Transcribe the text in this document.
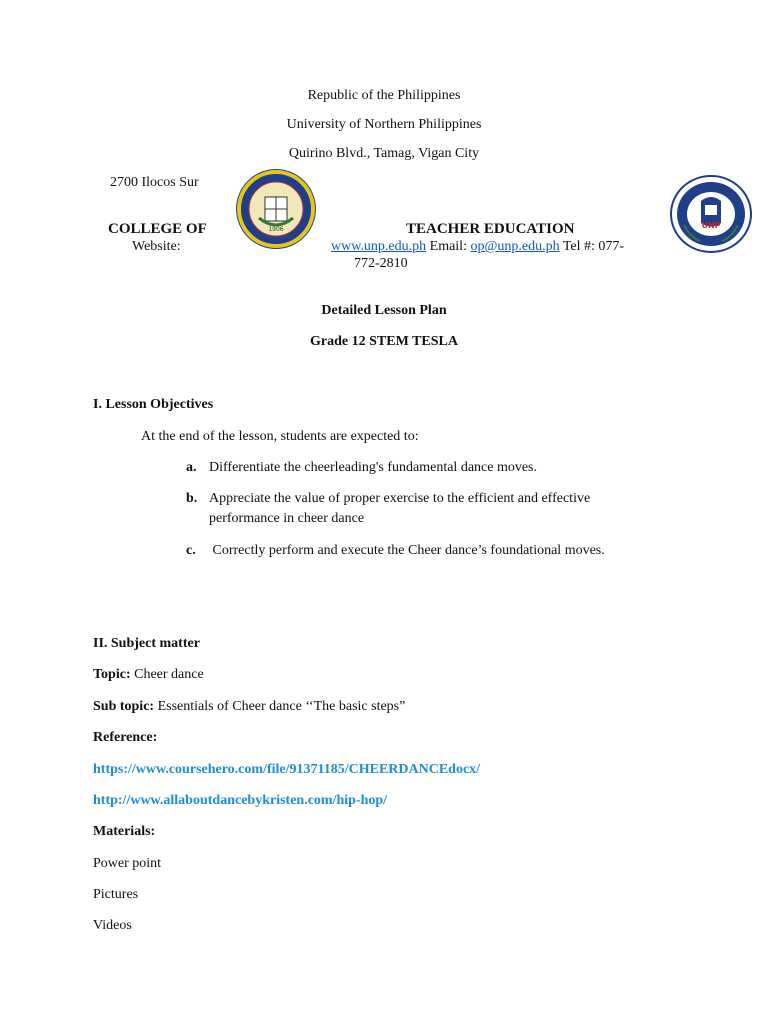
Republic of the Philippines
University of Northern Philippines
Quirino Blvd., Tamag, Vigan City
2700 Ilocos Sur
1906	UNP
COLLEGE OF	TEACHER EDUCATION
Website:	www.unp.edu.ph Email: op@unp.edu.ph Tel #: 077-
772-2810
Detailed Lesson Plan
Grade 12 STEM TESLA
I. Lesson Objectives
At the end of the lesson, students are expected to:
a. Differentiate the cheerleading's fundamental dance moves.
b. Appreciate the value of proper exercise to the efficient and effective
performance in cheer dance
c. Correctly perform and execute the Cheer dance’s foundational moves.
II. Subject matter
Topic: Cheer dance
Sub topic: Essentials of Cheer dance ‘‘The basic steps”
Reference:
https://www.coursehero.com/file/91371185/CHEERDANCEdocx/
http://www.allaboutdancebykristen.com/hip-hop/
Materials:
Power point
Pictures
Videos
